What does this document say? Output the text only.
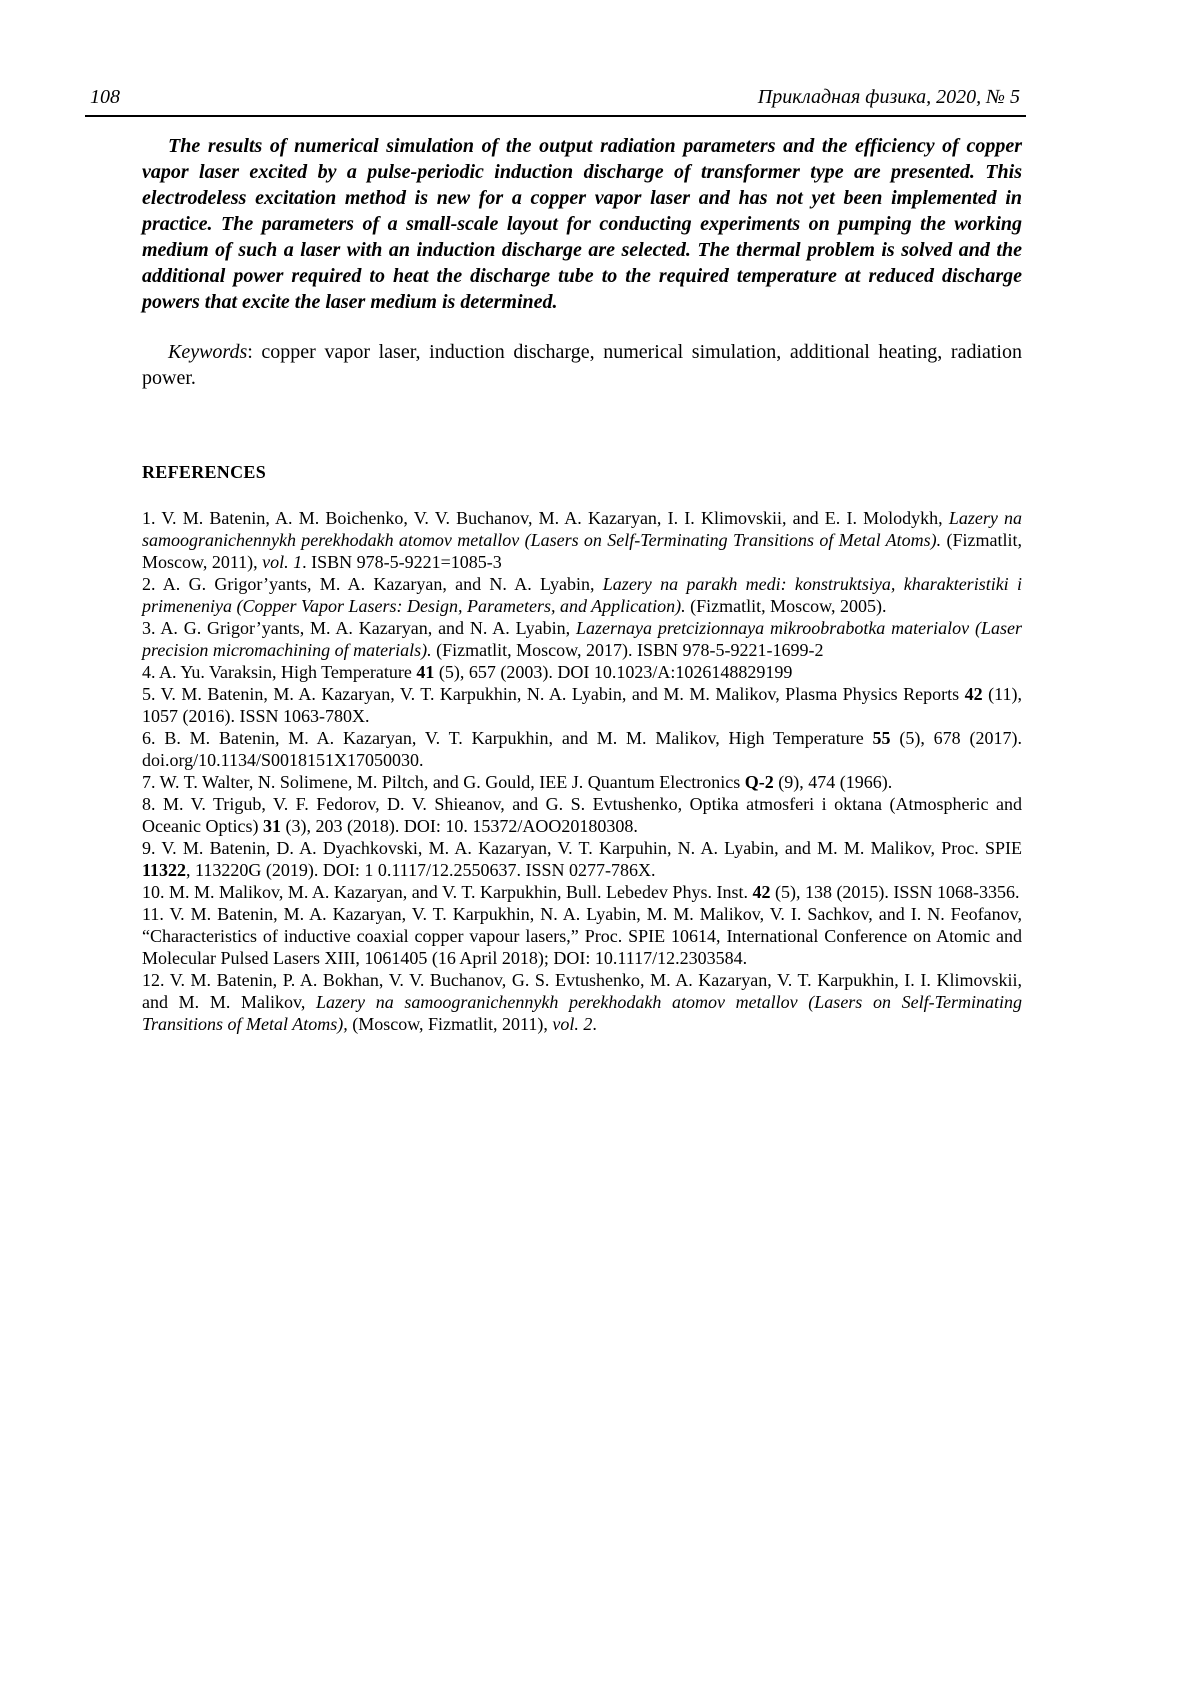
108	Прикладная физика, 2020, № 5

The results of numerical simulation of the output radiation parameters and the efficiency of copper vapor laser excited by a pulse-periodic induction discharge of transformer type are presented. This electrodeless excitation method is new for a copper vapor laser and has not yet been implemented in practice. The parameters of a small-scale layout for conducting experiments on pumping the working medium of such a laser with an induction discharge are selected. The thermal problem is solved and the additional power required to heat the discharge tube to the required temperature at reduced discharge powers that excite the laser medium is determined.

Keywords: copper vapor laser, induction discharge, numerical simulation, additional heating, radiation power.

REFERENCES

1. V. M. Batenin, A. M. Boichenko, V. V. Buchanov, M. A. Kazaryan, I. I. Klimovskii, and E. I. Molodykh, Lazery na samoogranichennykh perekhodakh atomov metallov (Lasers on Self-Terminating Transitions of Metal Atoms). (Fizmatlit, Moscow, 2011), vol. 1. ISBN 978-5-9221=1085-3

2. A. G. Grigor’yants, M. A. Kazaryan, and N. A. Lyabin, Lazery na parakh medi: konstruktsiya, kharakteristiki i primeneniya (Copper Vapor Lasers: Design, Parameters, and Application). (Fizmatlit, Moscow, 2005).

3. A. G. Grigor’yants, M. A. Kazaryan, and N. A. Lyabin, Lazernaya pretcizionnaya mikroobrabotka materialov (Laser precision micromachining of materials). (Fizmatlit, Moscow, 2017). ISBN 978-5-9221-1699-2

4. A. Yu. Varaksin, High Temperature 41 (5), 657 (2003). DOI 10.1023/A:1026148829199

5. V. M. Batenin, M. A. Kazaryan, V. T. Karpukhin, N. A. Lyabin, and M. M. Malikov, Plasma Physics Reports 42 (11), 1057 (2016). ISSN 1063-780X.

6. B. M. Batenin, M. A. Kazaryan, V. T. Karpukhin, and M. M. Malikov, High Temperature 55 (5), 678 (2017). doi.org/10.1134/S0018151X17050030.

7. W. T. Walter, N. Solimene, M. Piltch, and G. Gould, IEE J. Quantum Electronics Q-2 (9), 474 (1966).

8. M. V. Trigub, V. F. Fedorov, D. V. Shieanov, and G. S. Evtushenko, Optika atmosferi i oktana (Atmospheric and Oceanic Optics) 31 (3), 203 (2018). DOI: 10. 15372/AOO20180308.

9. V. M. Batenin, D. A. Dyachkovski, M. A. Kazaryan, V. T. Karpuhin, N. A. Lyabin, and M. M. Malikov, Proc. SPIE 11322, 113220G (2019). DOI: 1 0.1117/12.2550637. ISSN 0277-786X.

10. M. M. Malikov, M. A. Kazaryan, and V. T. Karpukhin, Bull. Lebedev Phys. Inst. 42 (5), 138 (2015). ISSN 1068-3356.

11. V. M. Batenin, M. A. Kazaryan, V. T. Karpukhin, N. A. Lyabin, M. M. Malikov, V. I. Sachkov, and I. N. Feofanov, “Characteristics of inductive coaxial copper vapour lasers,” Proc. SPIE 10614, International Conference on Atomic and Molecular Pulsed Lasers XIII, 1061405 (16 April 2018); DOI: 10.1117/12.2303584.

12. V. M. Batenin, P. A. Bokhan, V. V. Buchanov, G. S. Evtushenko, M. A. Kazaryan, V. T. Karpukhin, I. I. Klimovskii, and M. M. Malikov, Lazery na samoogranichennykh perekhodakh atomov metallov (Lasers on Self-Terminating Transitions of Metal Atoms), (Moscow, Fizmatlit, 2011), vol. 2.
